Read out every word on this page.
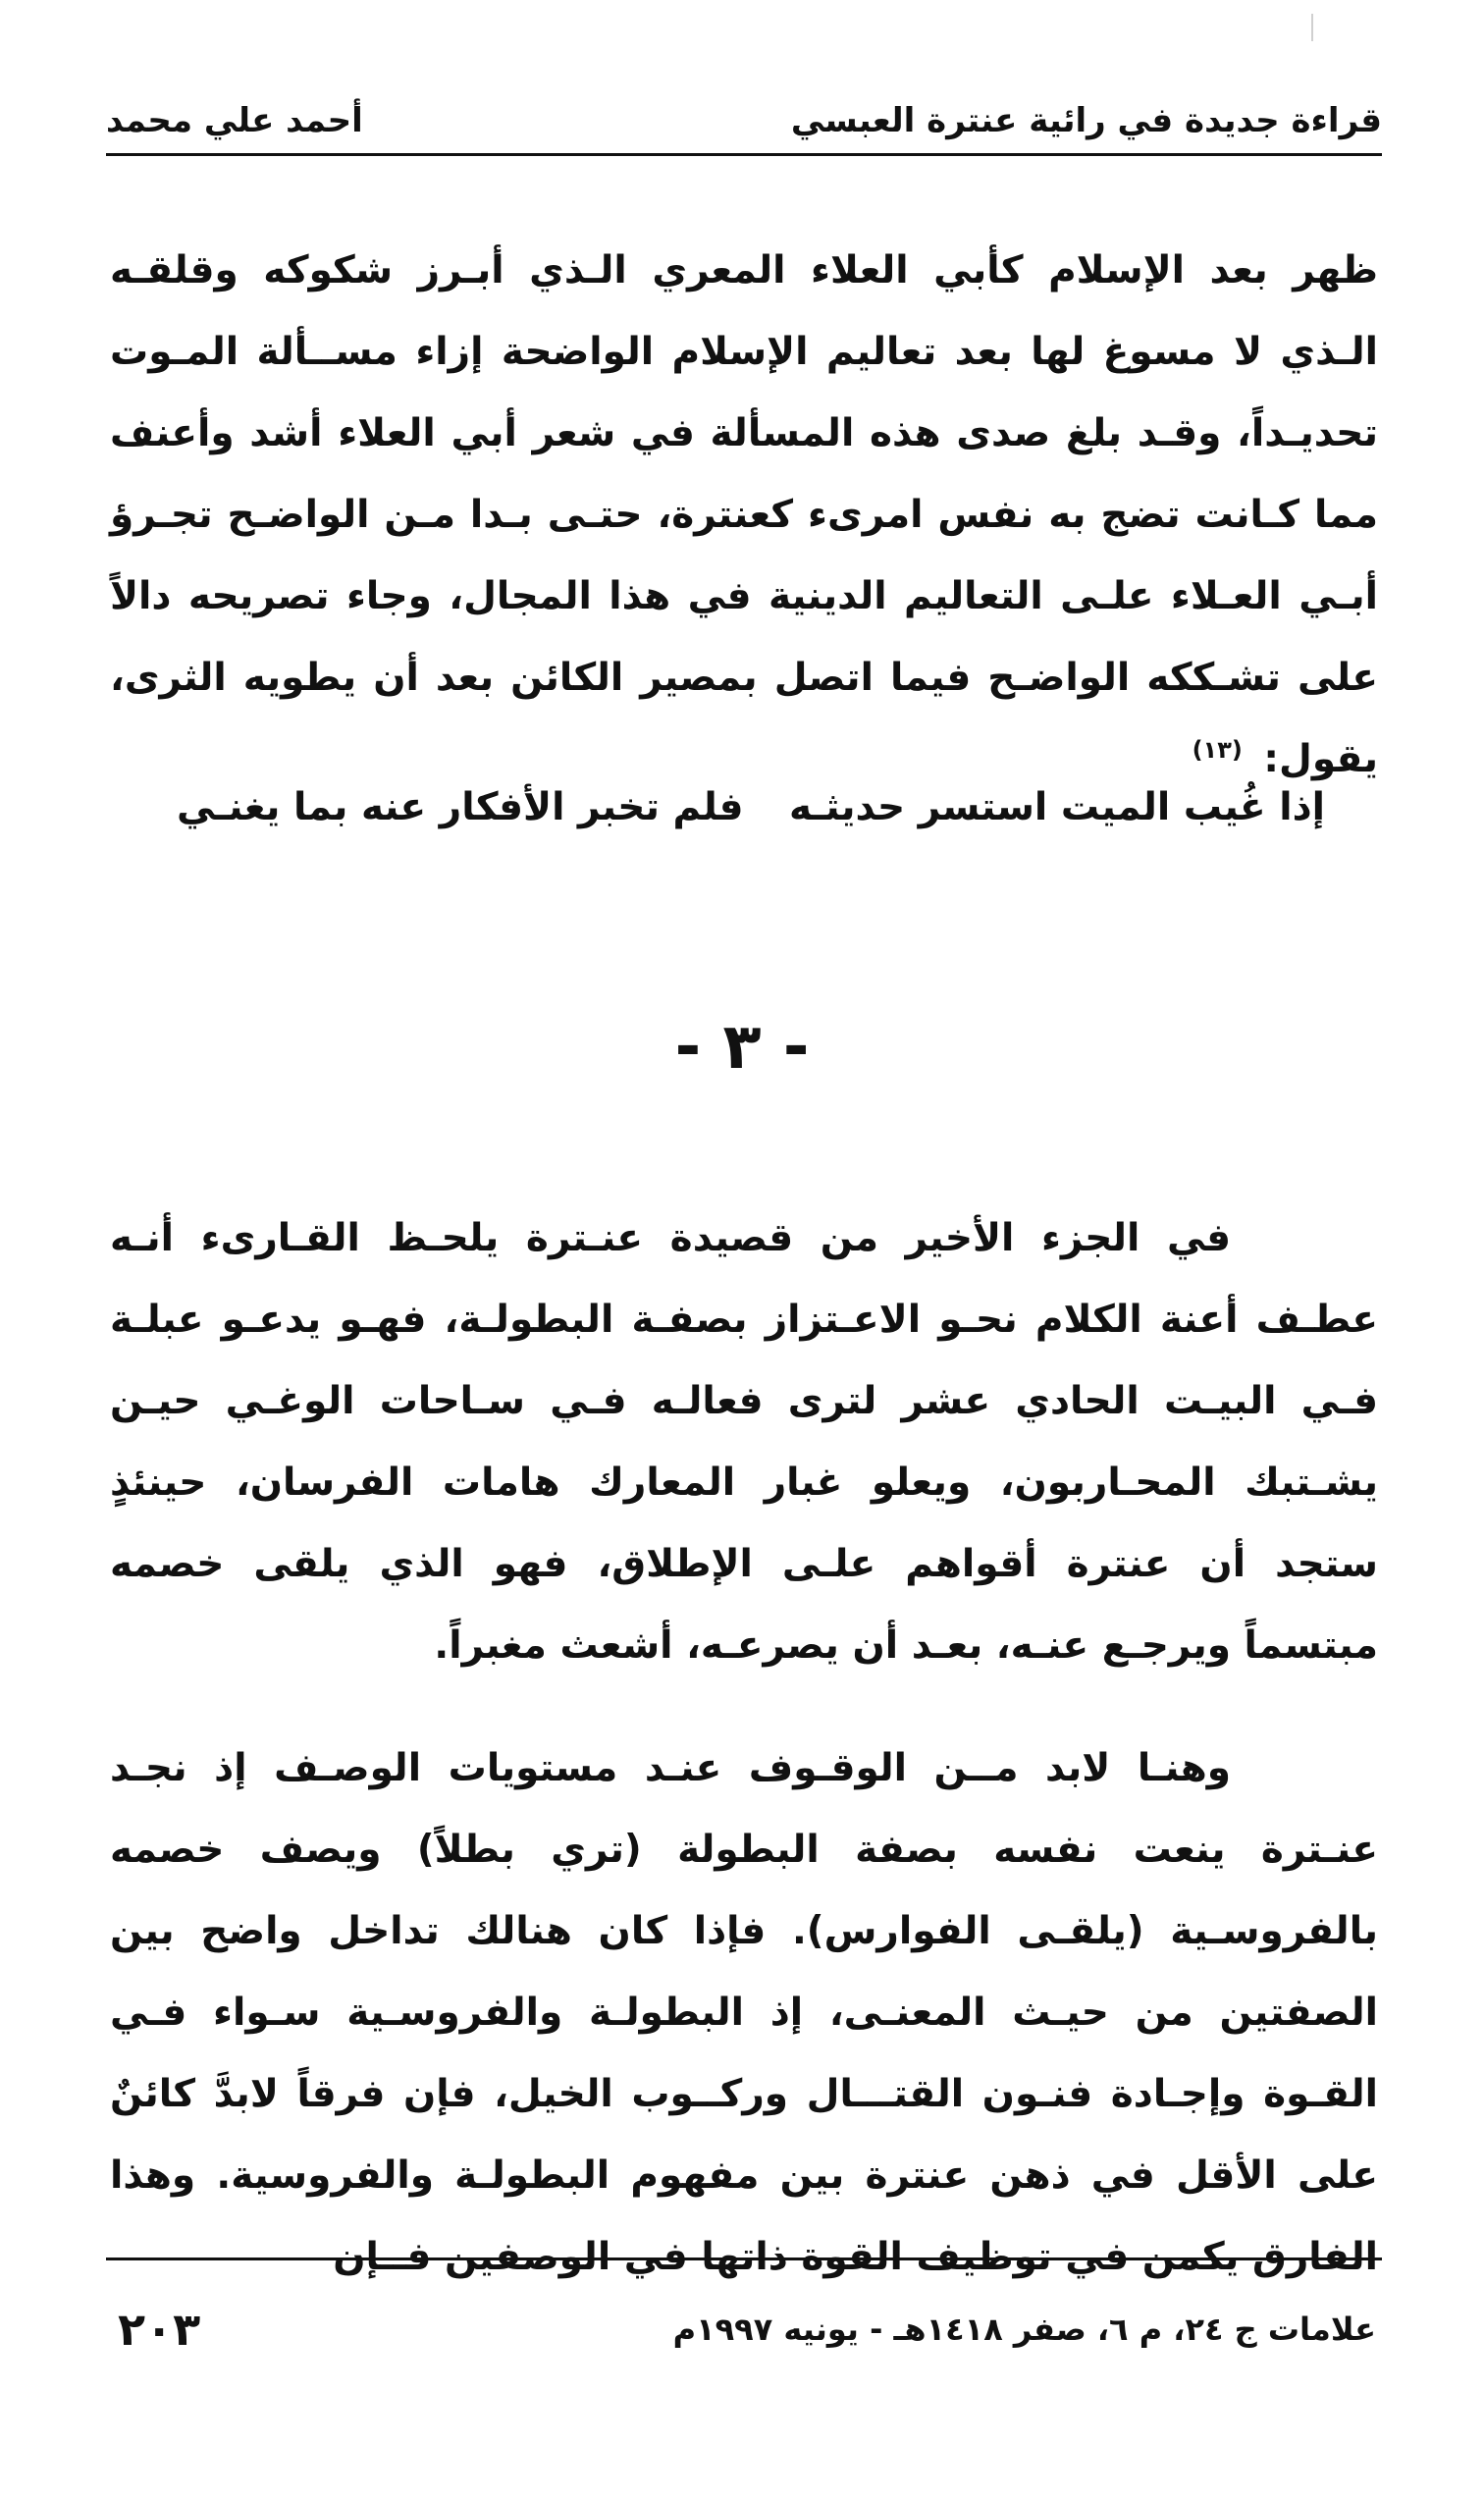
قراءة جديدة في رائية عنترة العبسي
أحمد علي محمد
ظهر بعد الإسلام كأبي العلاء المعري الـذي أبـرز شكوكه وقلقـه الـذي لا مسوغ لها بعد تعاليم الإسلام الواضحة إزاء مســألة المـوت تحديـداً، وقـد بلغ صدى هذه المسألة في شعر أبي العلاء أشد وأعنف مما كـانت تضج به نفس امرىء كعنترة، حتـى بـدا مـن الواضـح تجـرؤ أبـي العـلاء علـى التعاليم الدينية في هذا المجال، وجاء تصريحه دالاً على تشـككه الواضـح فيما اتصل بمصير الكائن بعد أن يطويه الثرى، يقول: $^{(١٣)}$
إذا غُيب الميت استسر حديثـه
فلم تخبر الأفكار عنه بما يغنـي
- ٣ -
في الجزء الأخير من قصيدة عنـترة يلحـظ القـارىء أنـه عطـف أعنة الكلام نحـو الاعـتزاز بصفـة البطولـة، فهـو يدعـو عبلـة فـي البيـت الحادي عشر لترى فعالـه فـي سـاحات الوغـي حيـن يشـتبك المحـاربون، ويعلو غبار المعارك هامات الفرسان، حينئذٍ ستجد أن عنترة أقواهم علـى الإطلاق، فهو الذي يلقى خصمه مبتسماً ويرجـع عنـه، بعـد أن يصرعـه، أشعث مغبراً.
وهنـا لابد مــن الوقـوف عنـد مستويات الوصـف إذ نجـد عنـترة ينعت نفسه بصفة البطولة (تري بطلاً) ويصف خصمه بالفروسـية (يلقـى الفوارس). فإذا كان هنالك تداخل واضح بين الصفتين من حيـث المعنـى، إذ البطولـة والفروسـية سـواء فـي القـوة وإجـادة فنـون القتـــال وركــوب الخيل، فإن فرقاً لابدَّ كائنٌ على الأقل في ذهن عنترة بين مفهوم البطولـة والفروسية. وهذا الفارق يكمن في توظيف القوة ذاتها في الوصفين فــإن
علامات ج ٢٤، م ٦، صفر ١٤١٨هـ - يونيه ١٩٩٧م
٢٠٣
